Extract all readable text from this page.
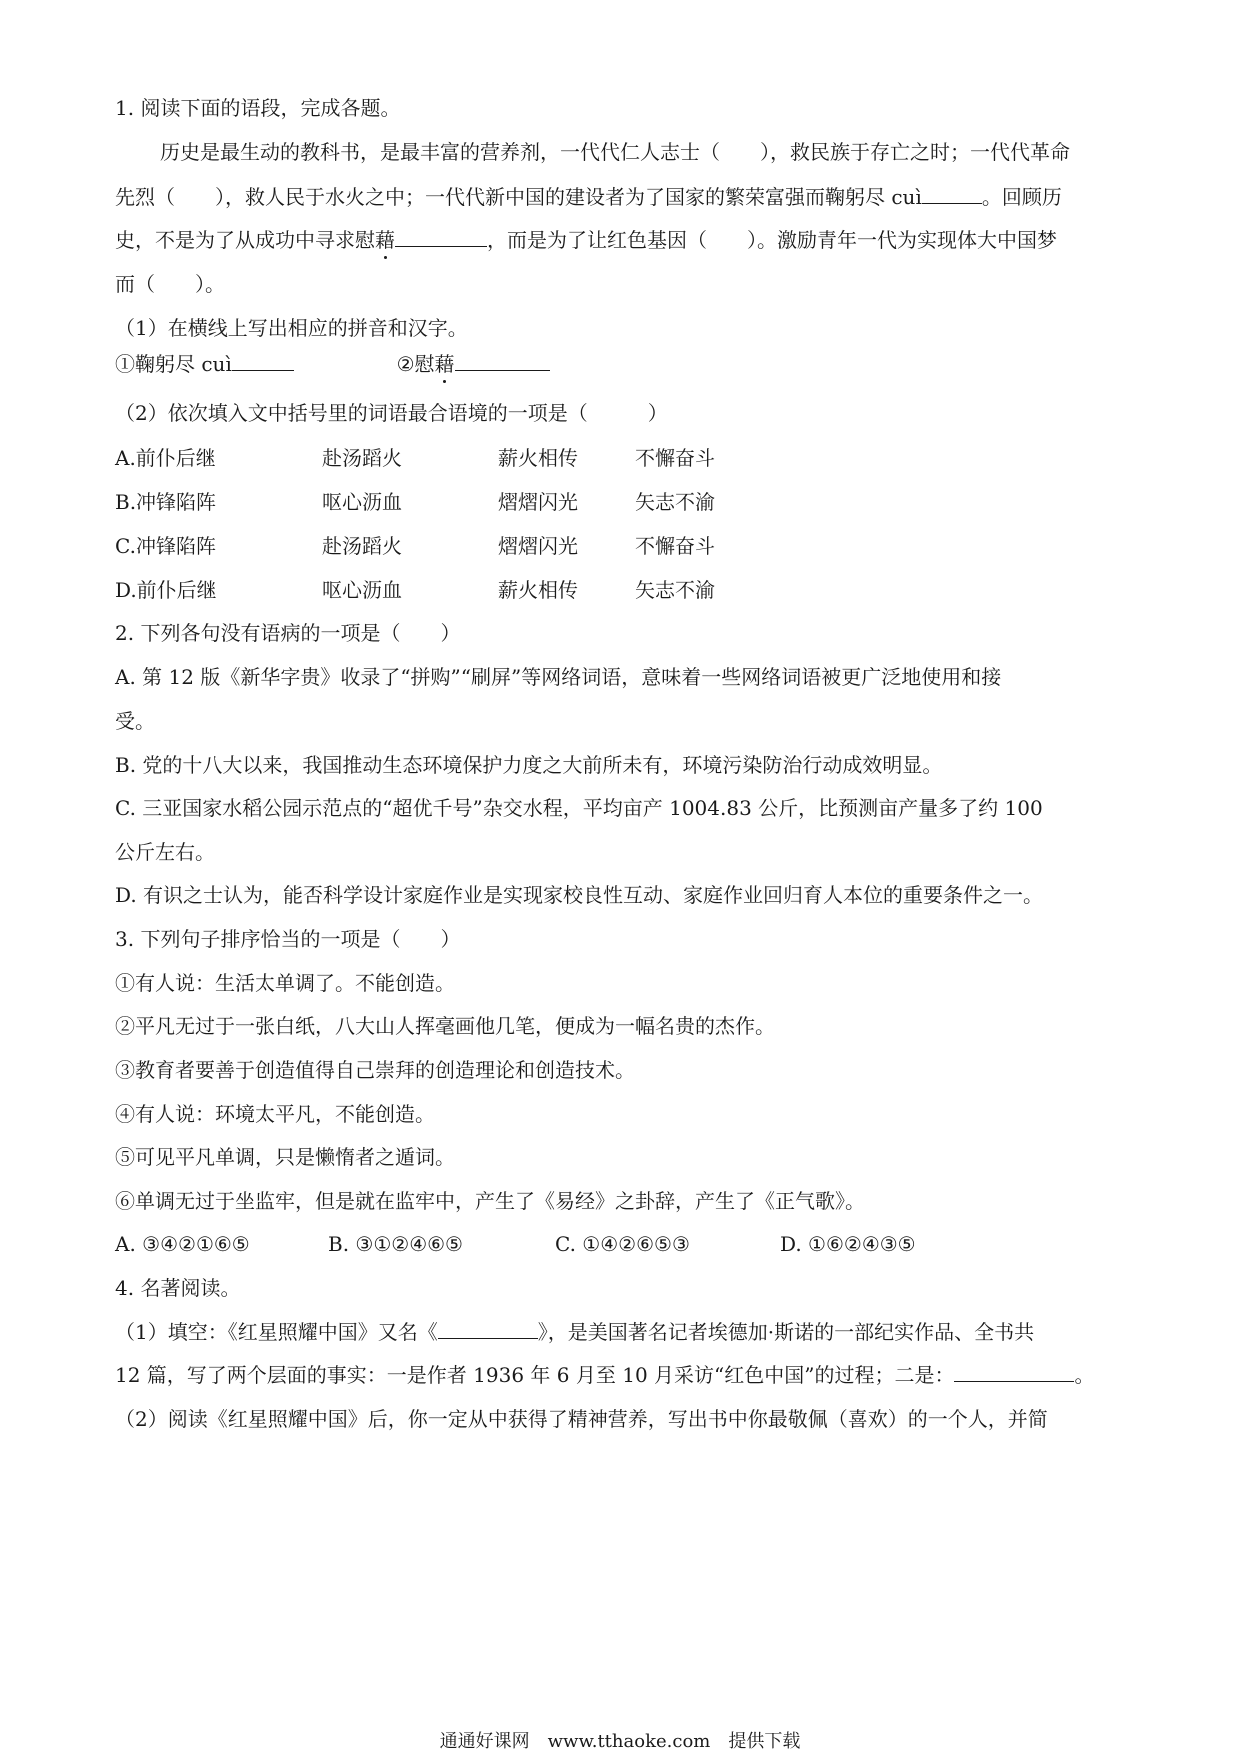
1. 阅读下面的语段，完成各题。
历史是最生动的教科书，是最丰富的营养剂，一代代仁人志士（　　），救民族于存亡之时；一代代革命
先烈（　　），救人民于水火之中；一代代新中国的建设者为了国家的繁荣富强而鞠躬尽 cuì	。回顾历
史，不是为了从成功中寻求慰藉	，而是为了让红色基因（　　）。激励青年一代为实现体大中国梦
而（　　）。
（1）在横线上写出相应的拼音和汉字。
①鞠躬尽 cuì	②慰藉
（2）依次填入文中括号里的词语最合语境的一项是（　　　）
A.前仆后继	赴汤蹈火	薪火相传	不懈奋斗
B.冲锋陷阵	呕心沥血	熠熠闪光	矢志不渝
C.冲锋陷阵	赴汤蹈火	熠熠闪光	不懈奋斗
D.前仆后继	呕心沥血	薪火相传	矢志不渝
2. 下列各句没有语病的一项是（　　）
A. 第 12 版《新华字贵》收录了“拼购”“刷屏”等网络词语，意味着一些网络词语被更广泛地使用和接
受。
B. 党的十八大以来，我国推动生态环境保护力度之大前所未有，环境污染防治行动成效明显。
C. 三亚国家水稻公园示范点的“超优千号”杂交水程，平均亩产 1004.83 公斤，比预测亩产量多了约 100
公斤左右。
D. 有识之士认为，能否科学设计家庭作业是实现家校良性互动、家庭作业回归育人本位的重要条件之一。
3. 下列句子排序恰当的一项是（　　）
①有人说：生活太单调了。不能创造。
②平凡无过于一张白纸，八大山人挥毫画他几笔，便成为一幅名贵的杰作。
③教育者要善于创造值得自己崇拜的创造理论和创造技术。
④有人说：环境太平凡，不能创造。
⑤可见平凡单调，只是懒惰者之遁词。
⑥单调无过于坐监牢，但是就在监牢中，产生了《易经》之卦辞，产生了《正气歌》。
A. ③④②①⑥⑤	B. ③①②④⑥⑤	C. ①④②⑥⑤③	D. ①⑥②④③⑤
4. 名著阅读。
（1）填空：《红星照耀中国》又名《	》，是美国著名记者埃德加·斯诺的一部纪实作品、全书共
12 篇，写了两个层面的事实：一是作者 1936 年 6 月至 10 月采访“红色中国”的过程；二是：	。
（2）阅读《红星照耀中国》后，你一定从中获得了精神营养，写出书中你最敬佩（喜欢）的一个人，并简
通通好课网　www.tthaoke.com　提供下载
